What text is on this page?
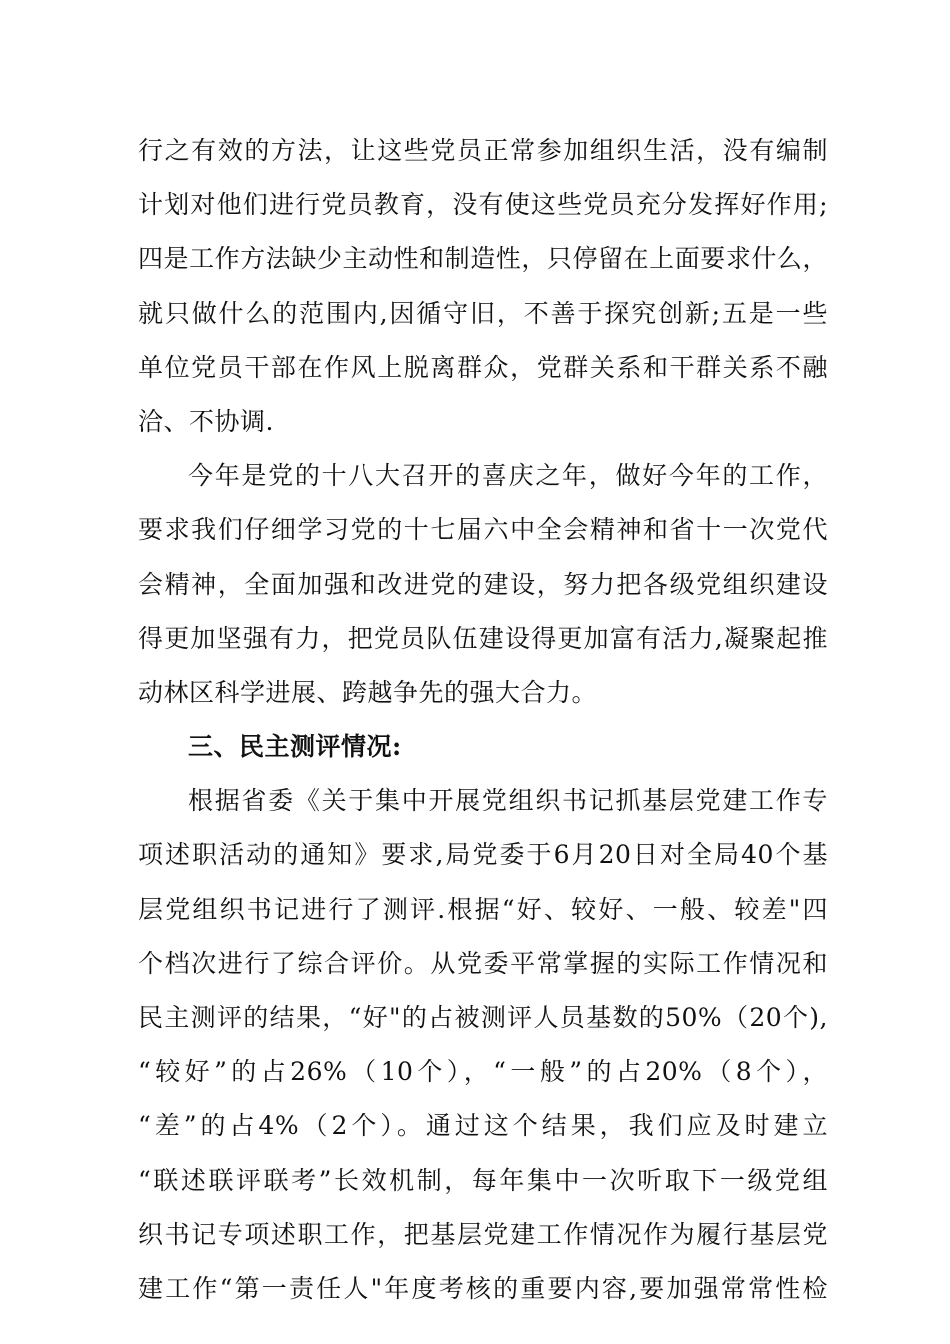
行之有效的方法，让这些党员正常参加组织生活，没有编制
计划对他们进行党员教育，没有使这些党员充分发挥好作用;
四是工作方法缺少主动性和制造性，只停留在上面要求什么，
就只做什么的范围内,因循守旧，不善于探究创新;五是一些
单位党员干部在作风上脱离群众，党群关系和干群关系不融
洽、不协调.
今年是党的十八大召开的喜庆之年，做好今年的工作，
要求我们仔细学习党的十七届六中全会精神和省十一次党代
会精神，全面加强和改进党的建设，努力把各级党组织建设
得更加坚强有力，把党员队伍建设得更加富有活力,凝聚起推
动林区科学进展、跨越争先的强大合力。
三、民主测评情况:
根据省委《关于集中开展党组织书记抓基层党建工作专
项述职活动的通知》要求,局党委于6月20日对全局40个基
层党组织书记进行了测评.根据“好、较好、一般、较差"四
个档次进行了综合评价。从党委平常掌握的实际工作情况和
民主测评的结果，“好"的占被测评人员基数的50%（20个),
“较好”的占26%（10个），“一般”的占20%（8个），
“差”的占4%（2个）。通过这个结果，我们应及时建立
“联述联评联考”长效机制，每年集中一次听取下一级党组
织书记专项述职工作，把基层党建工作情况作为履行基层党
建工作“第一责任人"年度考核的重要内容,要加强常常性检
